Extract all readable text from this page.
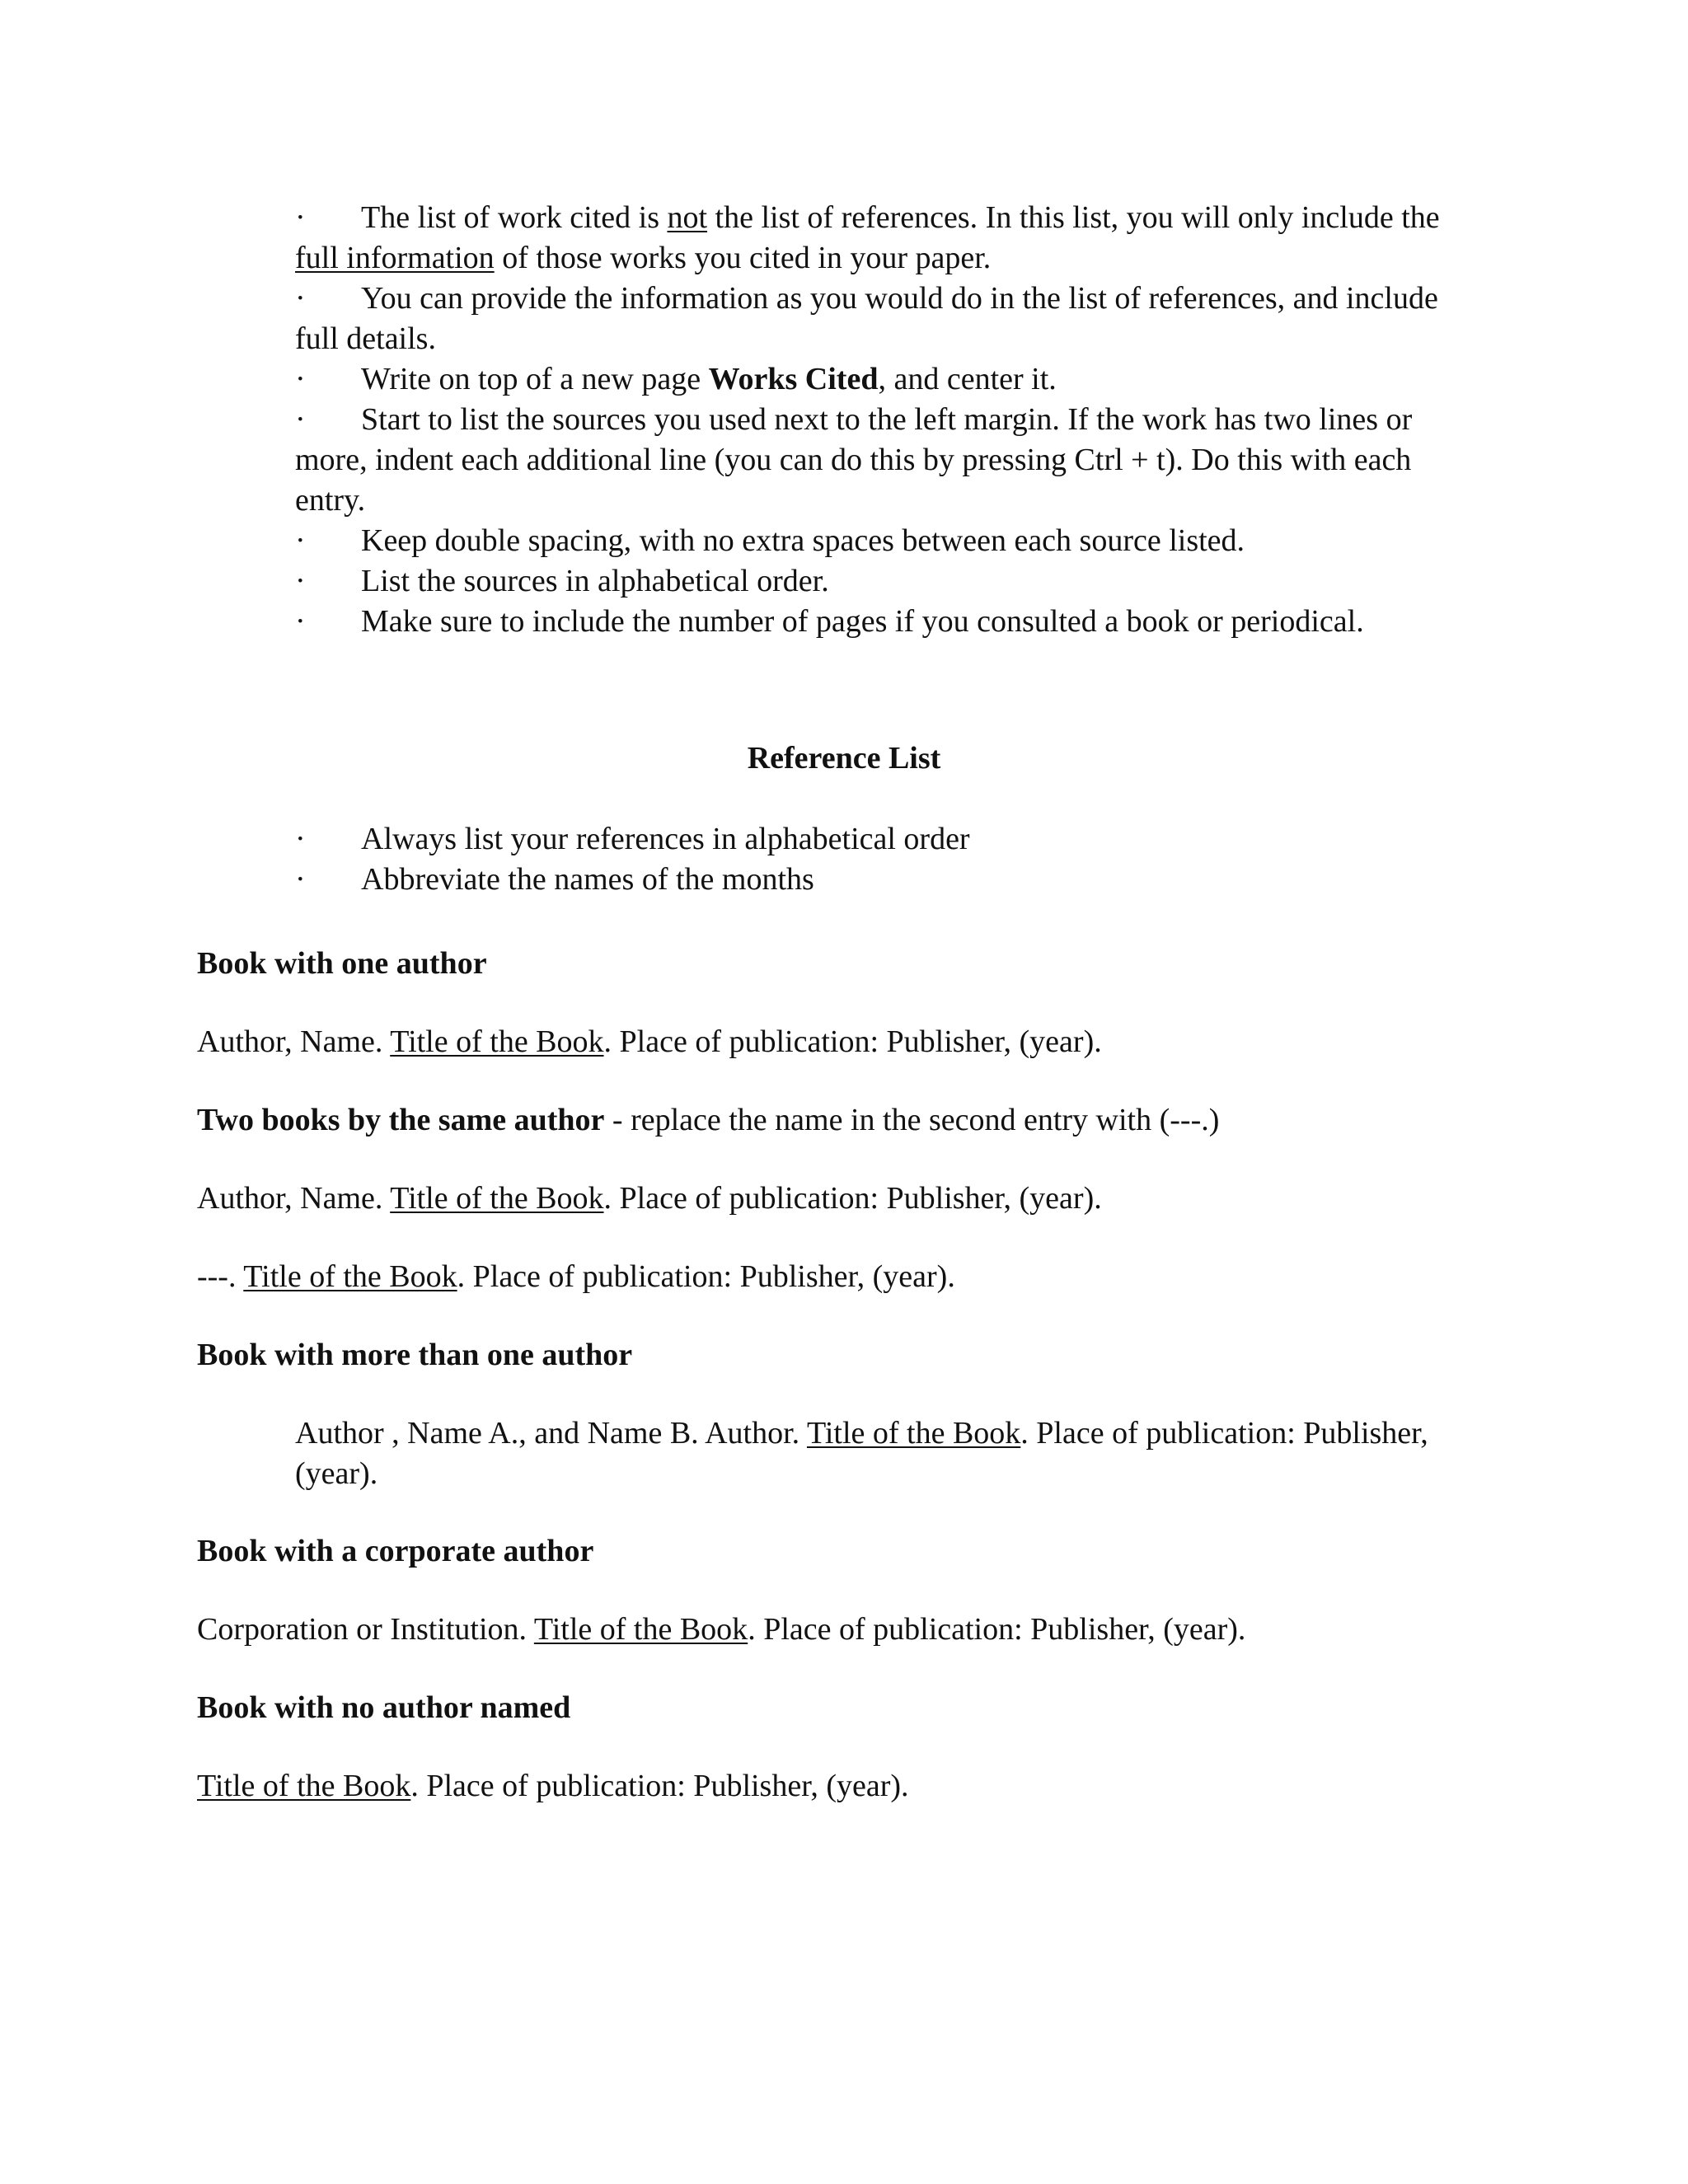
· The list of work cited is not the list of references. In this list, you will only include the full information of those works you cited in your paper.
· You can provide the information as you would do in the list of references, and include full details.
· Write on top of a new page Works Cited, and center it.
· Start to list the sources you used next to the left margin. If the work has two lines or more, indent each additional line (you can do this by pressing Ctrl + t). Do this with each entry.
· Keep double spacing, with no extra spaces between each source listed.
· List the sources in alphabetical order.
· Make sure to include the number of pages if you consulted a book or periodical.
Reference List
· Always list your references in alphabetical order
· Abbreviate the names of the months
Book with one author
Author, Name. Title of the Book. Place of publication: Publisher, (year).
Two books by the same author - replace the name in the second entry with (---.)
Author, Name. Title of the Book. Place of publication: Publisher, (year).
---. Title of the Book. Place of publication: Publisher, (year).
Book with more than one author
Author , Name A., and Name B. Author. Title of the Book. Place of publication: Publisher, (year).
Book with a corporate author
Corporation or Institution. Title of the Book. Place of publication: Publisher, (year).
Book with no author named
Title of the Book. Place of publication: Publisher, (year).
